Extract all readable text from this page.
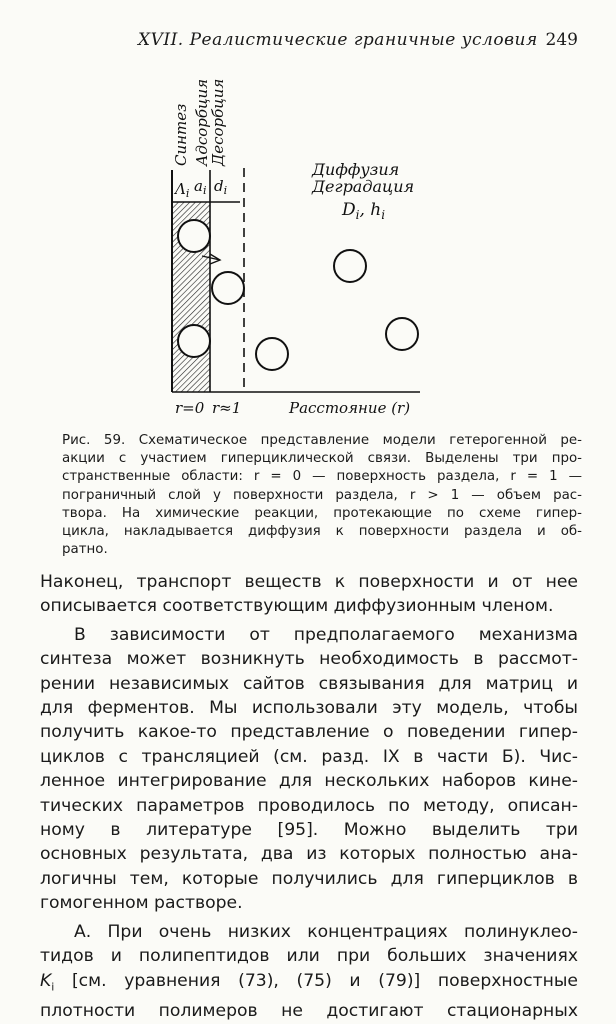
XVII. Реалистические граничные условия 249
Синтез Адсорбция
Десорбция
$\Lambda_i$ $a_i$ $d_i$
Диффузия
Деградация
$D_i$, $h_i$
r=0 r≈1	Расстояние (r)
Рис. 59. Схематическое представление модели гетерогенной ре-
акции с участием гиперциклической связи. Выделены три про-
странственные области: r = 0 — поверхность раздела, r = 1 —
пограничный слой у поверхности раздела, r > 1 — объем рас-
твора. На химические реакции, протекающие по схеме гипер-
цикла, накладывается диффузия к поверхности раздела и об-
ратно.
Наконец, транспорт веществ к поверхности и от нее
описывается соответствующим диффузионным членом.
В зависимости от предполагаемого механизма
синтеза может возникнуть необходимость в рассмот-
рении независимых сайтов связывания для матриц и
для ферментов. Мы использовали эту модель, чтобы
получить какое-то представление о поведении гипер-
циклов с трансляцией (см. разд. IX в части Б). Чис-
ленное интегрирование для нескольких наборов кине-
тических параметров проводилось по методу, описан-
ному в литературе [95]. Можно выделить три
основных результата, два из которых полностью ана-
логичны тем, которые получились для гиперциклов в
гомогенном растворе.
А. При очень низких концентрациях полинуклео-
тидов и полипептидов или при больших значениях
$K_i$ [см. уравнения (73), (75) и (79)] поверхностные
плотности полимеров не достигают стационарных
